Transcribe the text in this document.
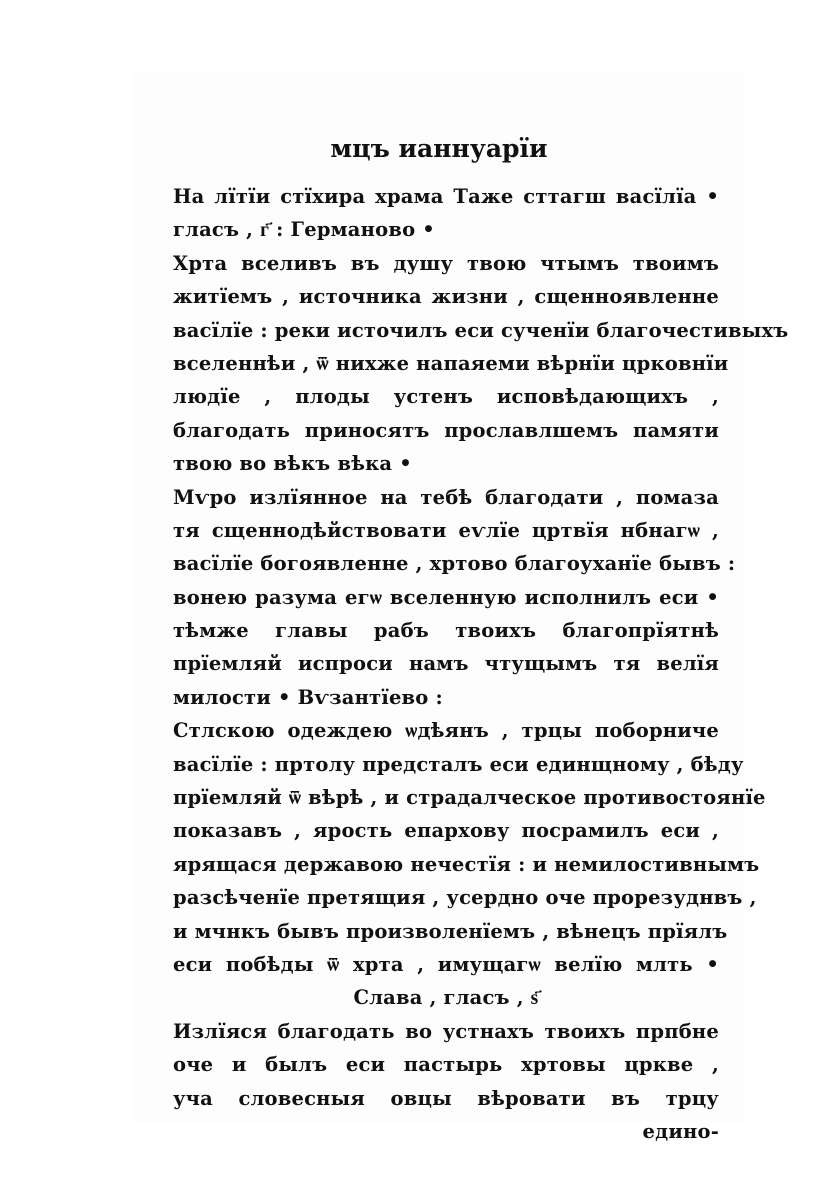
мцъ ианнуарїи
На лїтїи стїхира храма Таже сттагш васїлїа •
гласъ , г҃ : Германово •
Хрта вселивъ въ душу твою чтымъ твоимъ
житїемъ , источника жизни , сщенноявленне
васїлїе : реки источилъ еси сученїи благочестивыхъ
вселеннѣи , ѿ нихже напаяеми вѣрнїи црковнїи
людїе , плоды устенъ исповѣдающихъ ,
благодать приносятъ прославлшемъ памяти
твою во вѣкъ вѣка •
Мѵро излїянное на тебѣ благодати , помаза
тя сщеннодѣйствовати еѵлїе цртвїя нбнагѡ ,
васїлїе богоявленне , хртово благоуханїе бывъ :
вонею разума егѡ вселенную исполнилъ еси •
тѣмже главы рабъ твоихъ благопрїятнѣ
прїемляй испроси намъ чтущымъ тя велїя
милости • Вѵзантїево :
Стлскою одеждею ѡдѣянъ , трцы поборниче
васїлїе : пртолу предсталъ еси единщному , бѣду
прїемляй ѿ вѣрѣ , и страдалческое противостоянїе
показавъ , ярость епархову посрамилъ еси ,
ярящася державою нечестїя : и немилостивнымъ
разсѣченїе претящия , усердно оче прорезуднвъ ,
и мчнкъ бывъ произволенїемъ , вѣнецъ прїялъ
еси побѣды ѿ хрта , имущагѡ велїю млть •
Слава , гласъ , ѕ҃
Излїяся благодать во устнахъ твоихъ прпбне
оче и былъ еси пастырь хртовы црквe ,
уча словесныя овцы вѣровати въ трцу
едино-
